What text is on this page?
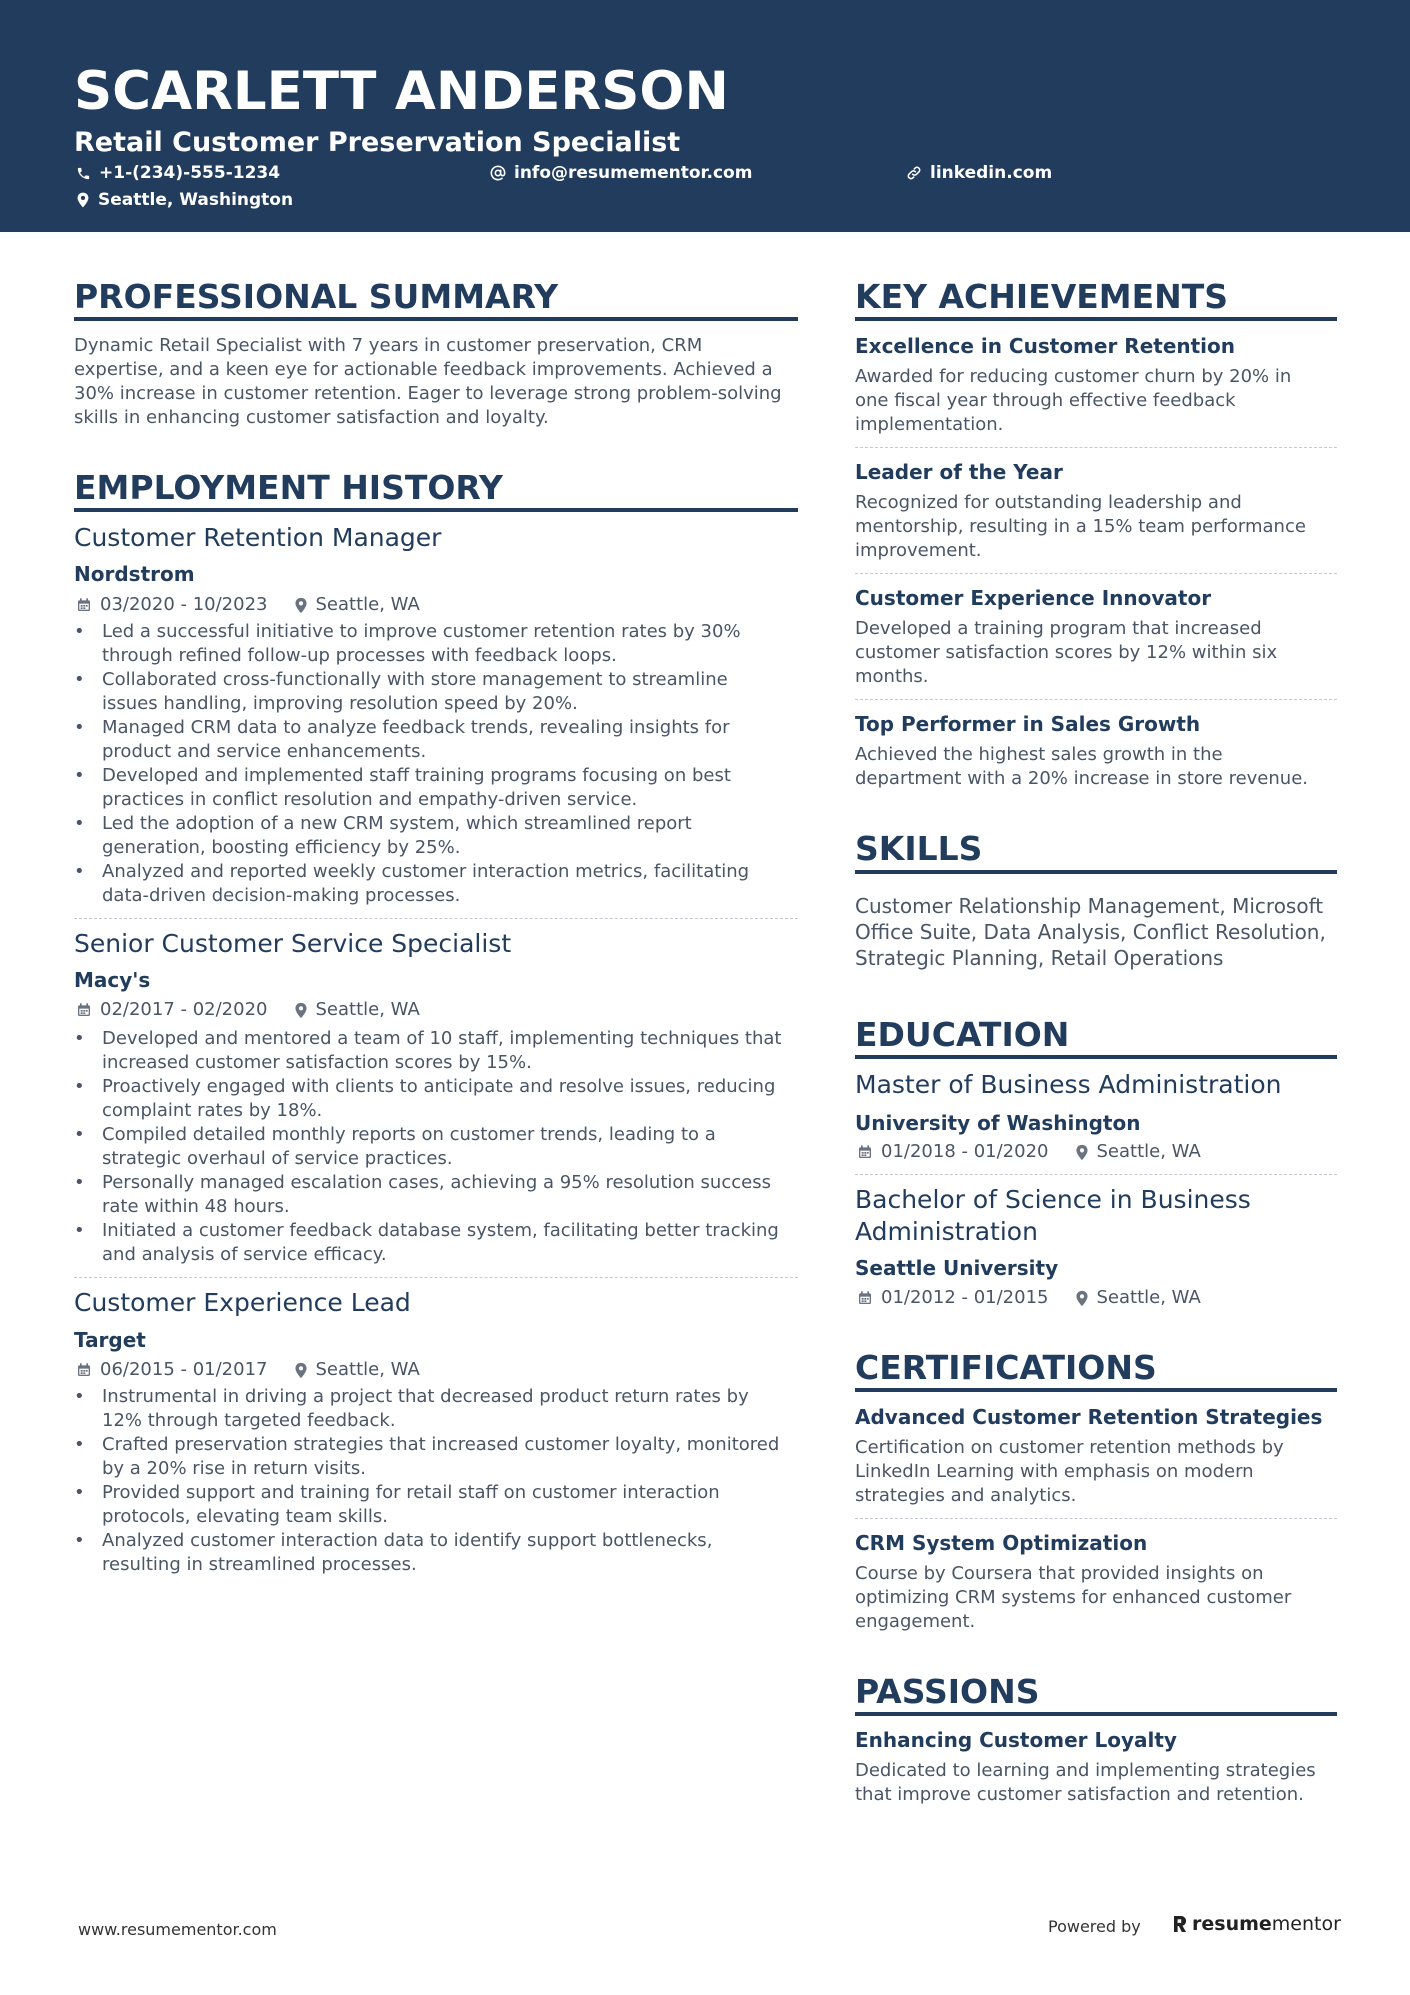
SCARLETT ANDERSON
Retail Customer Preservation Specialist
+1-(234)-555-1234	info@resumementor.com	linkedin.com
Seattle, Washington
PROFESSIONAL SUMMARY
Dynamic Retail Specialist with 7 years in customer preservation, CRM
expertise, and a keen eye for actionable feedback improvements. Achieved a
30% increase in customer retention. Eager to leverage strong problem-solving
skills in enhancing customer satisfaction and loyalty.
EMPLOYMENT HISTORY
Customer Retention Manager
Nordstrom
03/2020 - 10/2023	Seattle, WA
• Led a successful initiative to improve customer retention rates by 30%
through refined follow-up processes with feedback loops.
• Collaborated cross-functionally with store management to streamline
issues handling, improving resolution speed by 20%.
• Managed CRM data to analyze feedback trends, revealing insights for
product and service enhancements.
• Developed and implemented staff training programs focusing on best
practices in conflict resolution and empathy-driven service.
• Led the adoption of a new CRM system, which streamlined report
generation, boosting efficiency by 25%.
• Analyzed and reported weekly customer interaction metrics, facilitating
data-driven decision-making processes.
Senior Customer Service Specialist
Macy's
02/2017 - 02/2020	Seattle, WA
• Developed and mentored a team of 10 staff, implementing techniques that
increased customer satisfaction scores by 15%.
• Proactively engaged with clients to anticipate and resolve issues, reducing
complaint rates by 18%.
• Compiled detailed monthly reports on customer trends, leading to a
strategic overhaul of service practices.
• Personally managed escalation cases, achieving a 95% resolution success
rate within 48 hours.
• Initiated a customer feedback database system, facilitating better tracking
and analysis of service efficacy.
Customer Experience Lead
Target
06/2015 - 01/2017	Seattle, WA
• Instrumental in driving a project that decreased product return rates by
12% through targeted feedback.
• Crafted preservation strategies that increased customer loyalty, monitored
by a 20% rise in return visits.
• Provided support and training for retail staff on customer interaction
protocols, elevating team skills.
• Analyzed customer interaction data to identify support bottlenecks,
resulting in streamlined processes.
KEY ACHIEVEMENTS
Excellence in Customer Retention
Awarded for reducing customer churn by 20% in
one fiscal year through effective feedback
implementation.
Leader of the Year
Recognized for outstanding leadership and
mentorship, resulting in a 15% team performance
improvement.
Customer Experience Innovator
Developed a training program that increased
customer satisfaction scores by 12% within six
months.
Top Performer in Sales Growth
Achieved the highest sales growth in the
department with a 20% increase in store revenue.
SKILLS
Customer Relationship Management, Microsoft
Office Suite, Data Analysis, Conflict Resolution,
Strategic Planning, Retail Operations
EDUCATION
Master of Business Administration
University of Washington
01/2018 - 01/2020	Seattle, WA
Bachelor of Science in Business
Administration
Seattle University
01/2012 - 01/2015	Seattle, WA
CERTIFICATIONS
Advanced Customer Retention Strategies
Certification on customer retention methods by
LinkedIn Learning with emphasis on modern
strategies and analytics.
CRM System Optimization
Course by Coursera that provided insights on
optimizing CRM systems for enhanced customer
engagement.
PASSIONS
Enhancing Customer Loyalty
Dedicated to learning and implementing strategies
that improve customer satisfaction and retention.
www.resumementor.com	Powered by	resumementor
